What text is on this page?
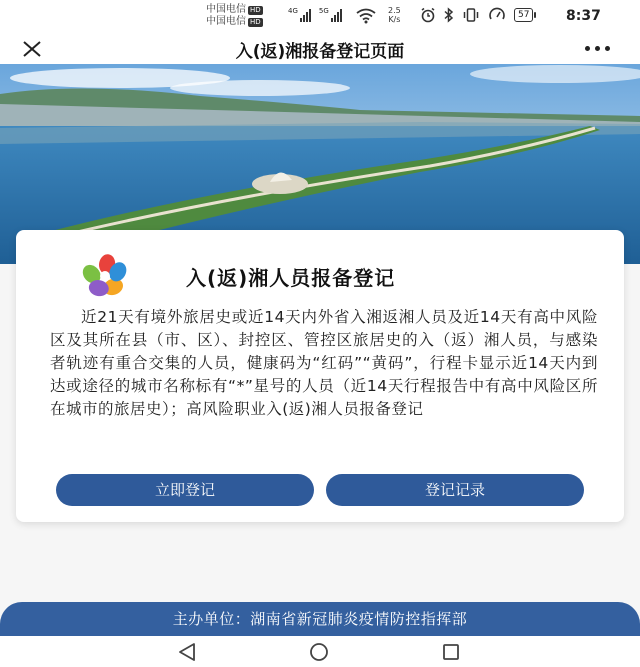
中国电信 HD
中国电信 HD
4G	5G	2.5
K/s	57	8:37
入(返)湘报备登记页面
入(返)湘人员报备登记
近21天有境外旅居史或近14天内外省入湘返湘人员及近14天有高中风险区及其所在县（市、区）、封控区、管控区旅居史的入（返）湘人员，与感染者轨迹有重合交集的人员，健康码为“红码”“黄码”，行程卡显示近14天内到达或途径的城市名称标有“*”星号的人员（近14天行程报告中有高中风险区所在城市的旅居史）；高风险职业入(返)湘人员报备登记
立即登记	登记记录
主办单位：湖南省新冠肺炎疫情防控指挥部
